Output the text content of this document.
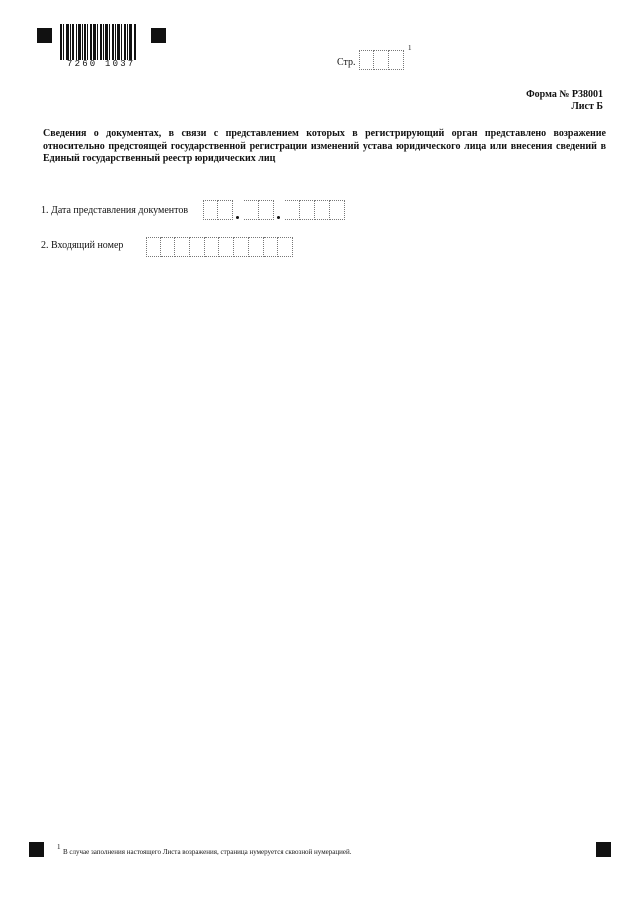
7260 1037	Стр.
1
Форма № Р38001
Лист Б
Сведения о документах, в связи с представлением которых в регистрирующий орган представлено возражение относительно предстоящей государственной регистрации изменений устава юридического лица или внесения сведений в Единый государственный реестр юридических лиц
1. Дата представления документов
2. Входящий номер
1
В случае заполнения настоящего Листа возражения, страница нумеруется сквозной нумерацией.
